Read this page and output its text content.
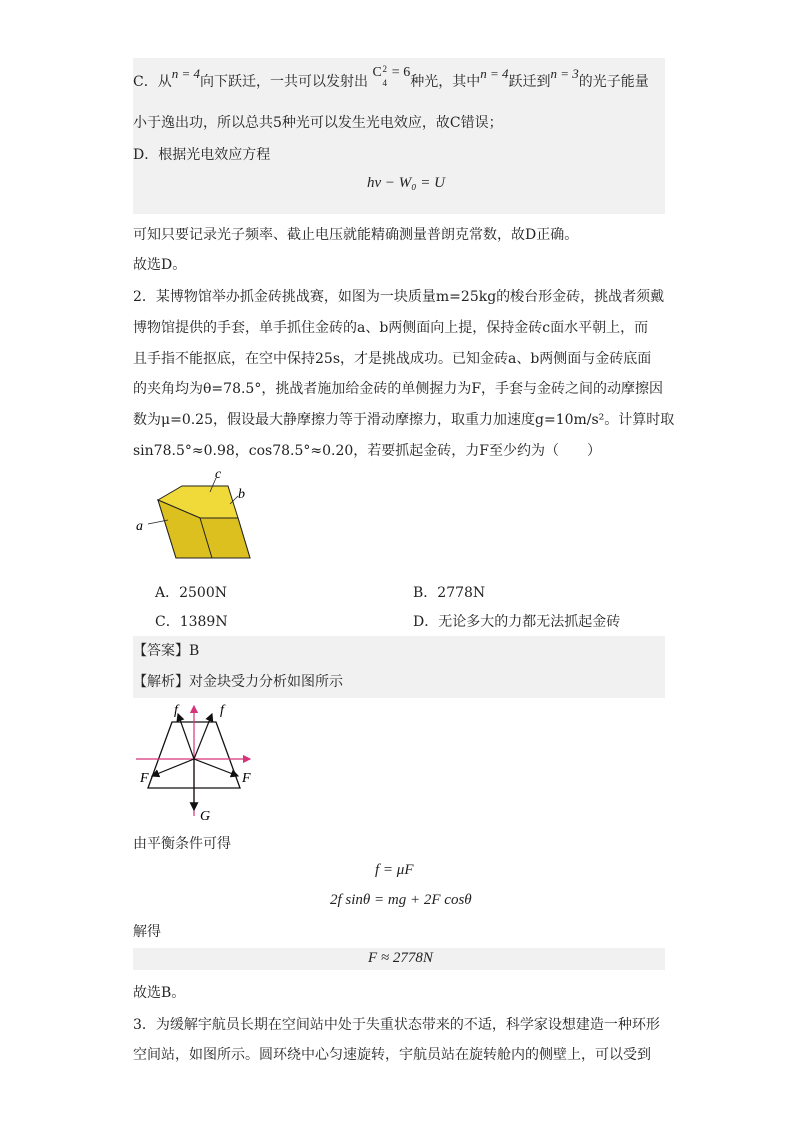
C．从n = 4向下跃迁，一共可以发射出 C 2
4
= 6种光，其中n = 4跃迁到n = 3的光子能量
小于逸出功，所以总共5种光可以发生光电效应，故C错误；
D．根据光电效应方程
hν − W₀ = U
可知只要记录光子频率、截止电压就能精确测量普朗克常数，故D正确。
故选D。
2．某博物馆举办抓金砖挑战赛，如图为一块质量m=25kg的梭台形金砖，挑战者须戴
博物馆提供的手套，单手抓住金砖的a、b两侧面向上提，保持金砖c面水平朝上，而
且手指不能抠底，在空中保持25s，才是挑战成功。已知金砖a、b两侧面与金砖底面
的夹角均为θ=78.5°，挑战者施加给金砖的单侧握力为F，手套与金砖之间的动摩擦因
数为μ=0.25，假设最大静摩擦力等于滑动摩擦力，取重力加速度g=10m/s²。计算时取
sin78.5°≈0.98，cos78.5°≈0.20，若要抓起金砖，力F至少约为（　　）
c
b
a
A．2500N	B．2778N
C．1389N	D．无论多大的力都无法抓起金砖
【答案】B
【解析】对金块受力分析如图所示
f	f
F	F
G
由平衡条件可得
f = μF
2f sinθ = mg + 2F cosθ
解得
F ≈ 2778N
故选B。
3．为缓解宇航员长期在空间站中处于失重状态带来的不适，科学家设想建造一种环形
空间站，如图所示。圆环绕中心匀速旋转，宇航员站在旋转舱内的侧壁上，可以受到
